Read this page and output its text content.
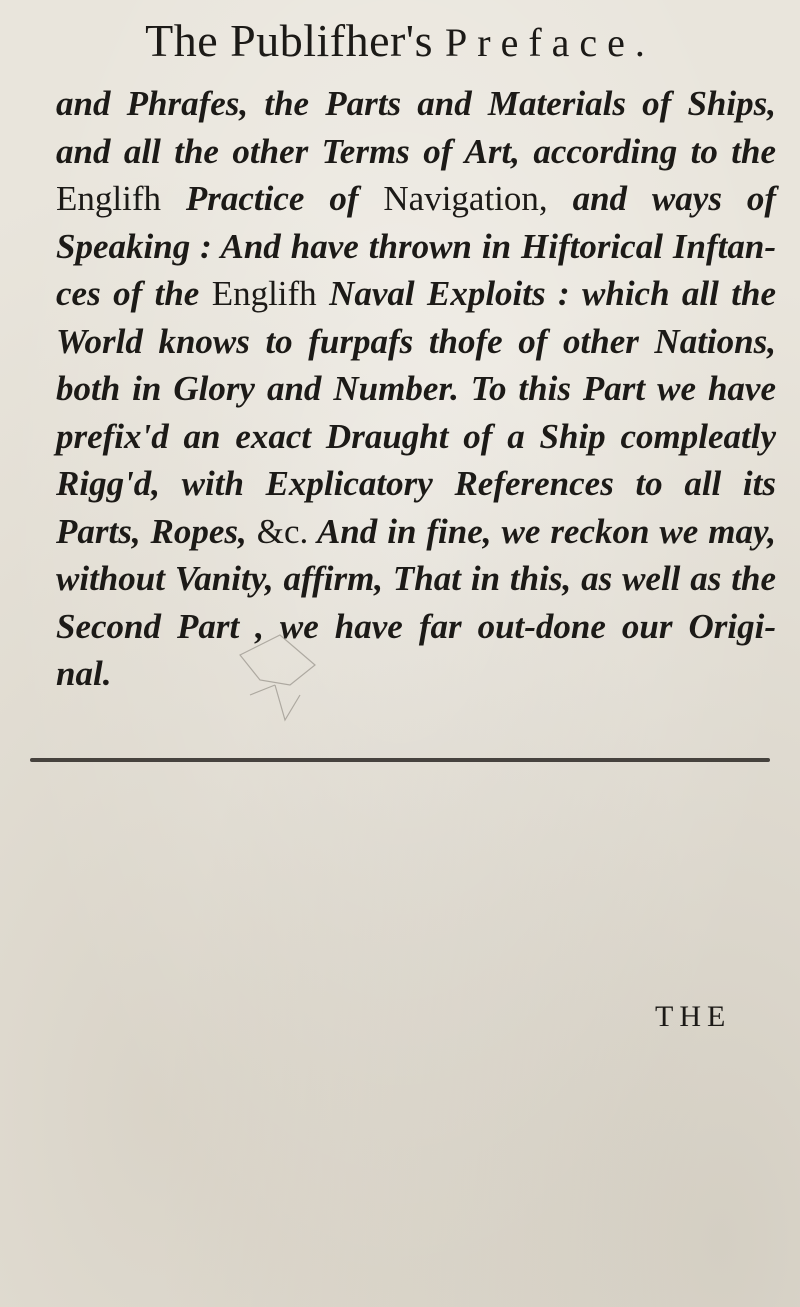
The Publifher's Preface.
and Phrafes, the Parts and Materials of Ships,
and all the other Terms of Art, according to the
Englifh Practice of Navigation, and ways of
Speaking : And have thrown in Hiftorical Inftan-
ces of the Englifh Naval Exploits : which all the
World knows to furpafs thofe of other Nations,
both in Glory and Number. To this Part we have
prefix'd an exact Draught of a Ship compleatly
Rigg'd, with Explicatory References to all its
Parts, Ropes, &c. And in fine, we reckon we may,
without Vanity, affirm, That in this, as well as the
Second Part , we have far out-done our Origi-
nal.
THE
